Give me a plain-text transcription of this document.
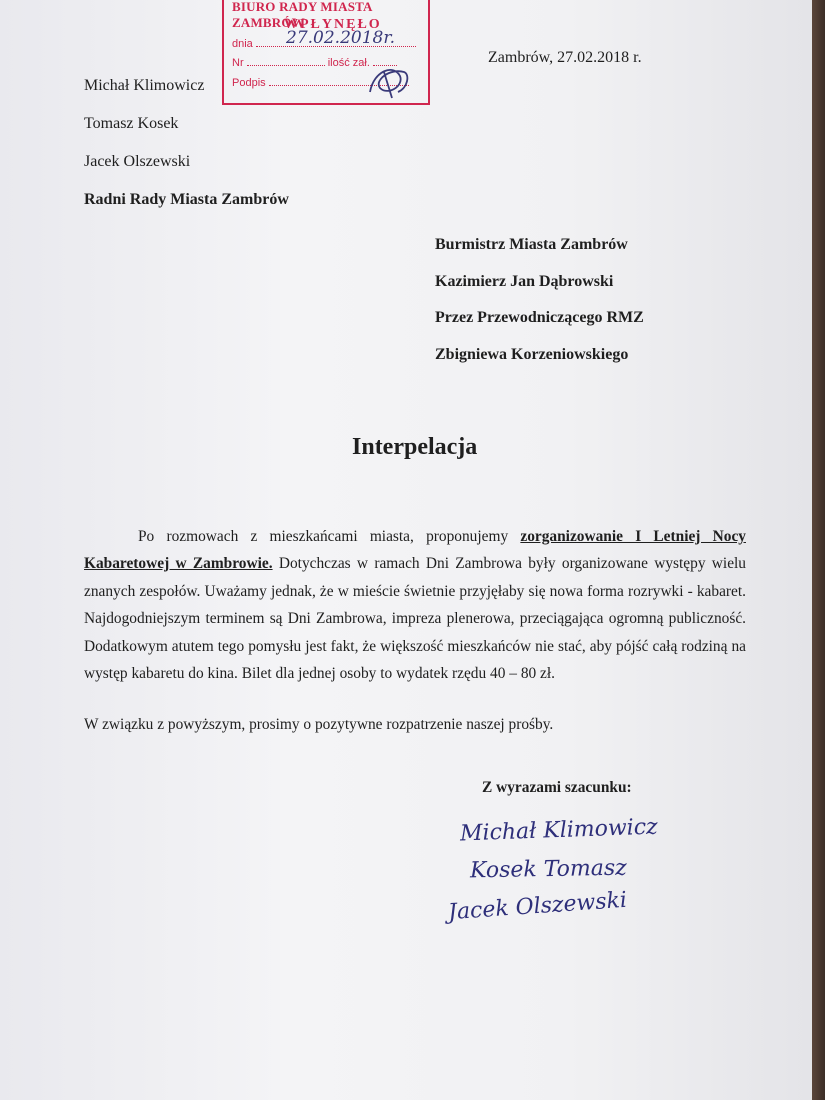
BIURO RADY MIASTA ZAMBRÓW
WPŁYNĘŁO
dnia	27.02.2018r.
Nr	ilość zał.
Podpis
Zambrów, 27.02.2018 r.
Michał Klimowicz
Tomasz Kosek
Jacek Olszewski
Radni Rady Miasta Zambrów
Burmistrz Miasta Zambrów
Kazimierz Jan Dąbrowski
Przez Przewodniczącego RMZ
Zbigniewa Korzeniowskiego
Interpelacja
Po rozmowach z mieszkańcami miasta, proponujemy zorganizowanie I Letniej Nocy Kabaretowej w Zambrowie. Dotychczas w ramach Dni Zambrowa były organizowane występy wielu znanych zespołów. Uważamy jednak, że w mieście świetnie przyjęłaby się nowa forma rozrywki - kabaret. Najdogodniejszym terminem są Dni Zambrowa, impreza plenerowa, przeciągająca ogromną publiczność. Dodatkowym atutem tego pomysłu jest fakt, że większość mieszkańców nie stać, aby pójść całą rodziną na występ kabaretu do kina. Bilet dla jednej osoby to wydatek rzędu 40 – 80 zł.
W związku z powyższym, prosimy o pozytywne rozpatrzenie naszej prośby.
Z wyrazami szacunku:
Michał Klimowicz
Kosek Tomasz
Jacek Olszewski
